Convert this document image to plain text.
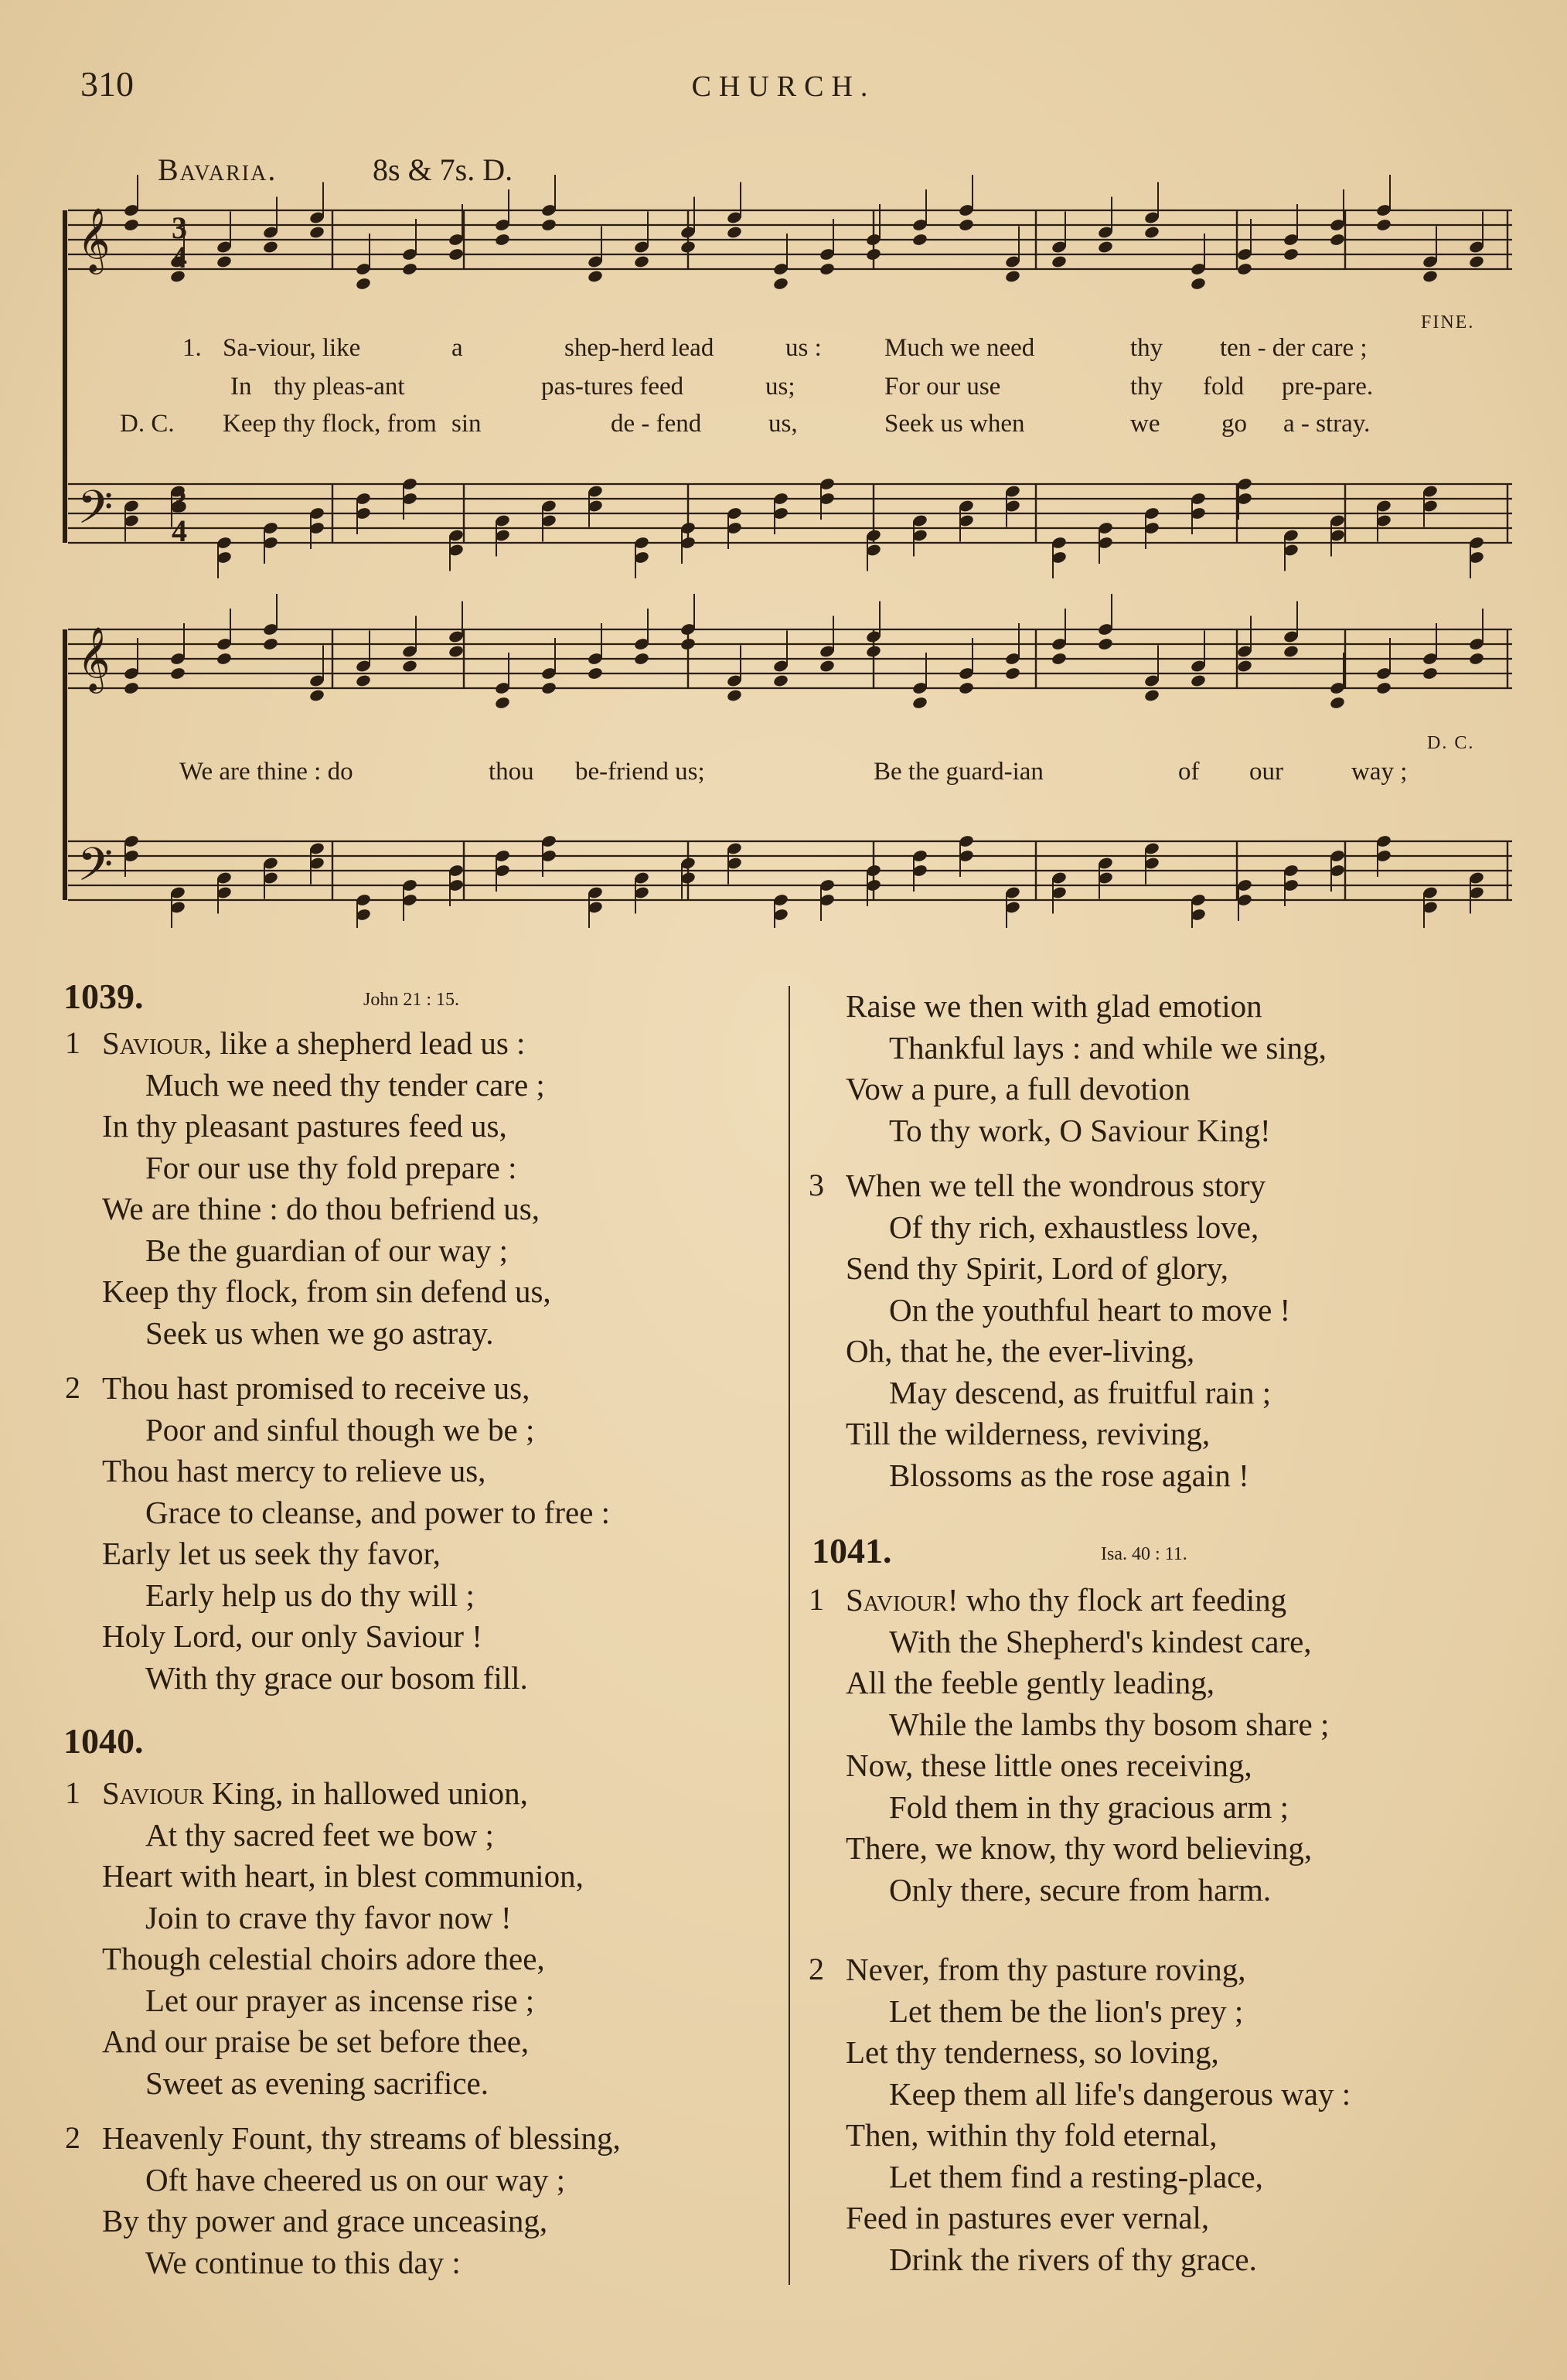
310	CHURCH.
Bavaria.	8s & 7s. D.
𝄞
𝄢
𝄞
𝄢
3
4
3
4
1.
D. C.
FINE.
D. C.
Sa-viour, like	a	shep-herd lead	us : Much we need	thy ten - der care ;
In thy pleas-ant	pas-tures feed	us;	For our use	thy fold pre-pare.
Keep thy flock, from sin	de - fend	us,	Seek us when	we go a - stray.
We are thine : do	thou be-friend us;	Be the guard-ian	of our	way ;
1039.	John 21 : 15.
Saviour, like a shepherd lead us :
1
Much we need thy tender care ;
In thy pleasant pastures feed us,
For our use thy fold prepare :
We are thine : do thou befriend us,
Be the guardian of our way ;
Keep thy flock, from sin defend us,
Seek us when we go astray.
Thou hast promised to receive us,
2
Poor and sinful though we be ;
Thou hast mercy to relieve us,
Grace to cleanse, and power to free :
Early let us seek thy favor,
Early help us do thy will ;
Holy Lord, our only Saviour !
With thy grace our bosom fill.
1040.
Saviour King, in hallowed union,
1
At thy sacred feet we bow ;
Heart with heart, in blest communion,
Join to crave thy favor now !
Though celestial choirs adore thee,
Let our prayer as incense rise ;
And our praise be set before thee,
Sweet as evening sacrifice.
Heavenly Fount, thy streams of blessing,
2
Oft have cheered us on our way ;
By thy power and grace unceasing,
We continue to this day :
Raise we then with glad emotion
Thankful lays : and while we sing,
Vow a pure, a full devotion
To thy work, O Saviour King!
When we tell the wondrous story
3
Of thy rich, exhaustless love,
Send thy Spirit, Lord of glory,
On the youthful heart to move !
Oh, that he, the ever-living,
May descend, as fruitful rain ;
Till the wilderness, reviving,
Blossoms as the rose again !
1041.	Isa. 40 : 11.
Saviour! who thy flock art feeding
1
With the Shepherd's kindest care,
All the feeble gently leading,
While the lambs thy bosom share ;
Now, these little ones receiving,
Fold them in thy gracious arm ;
There, we know, thy word believing,
Only there, secure from harm.
Never, from thy pasture roving,
2
Let them be the lion's prey ;
Let thy tenderness, so loving,
Keep them all life's dangerous way :
Then, within thy fold eternal,
Let them find a resting-place,
Feed in pastures ever vernal,
Drink the rivers of thy grace.
